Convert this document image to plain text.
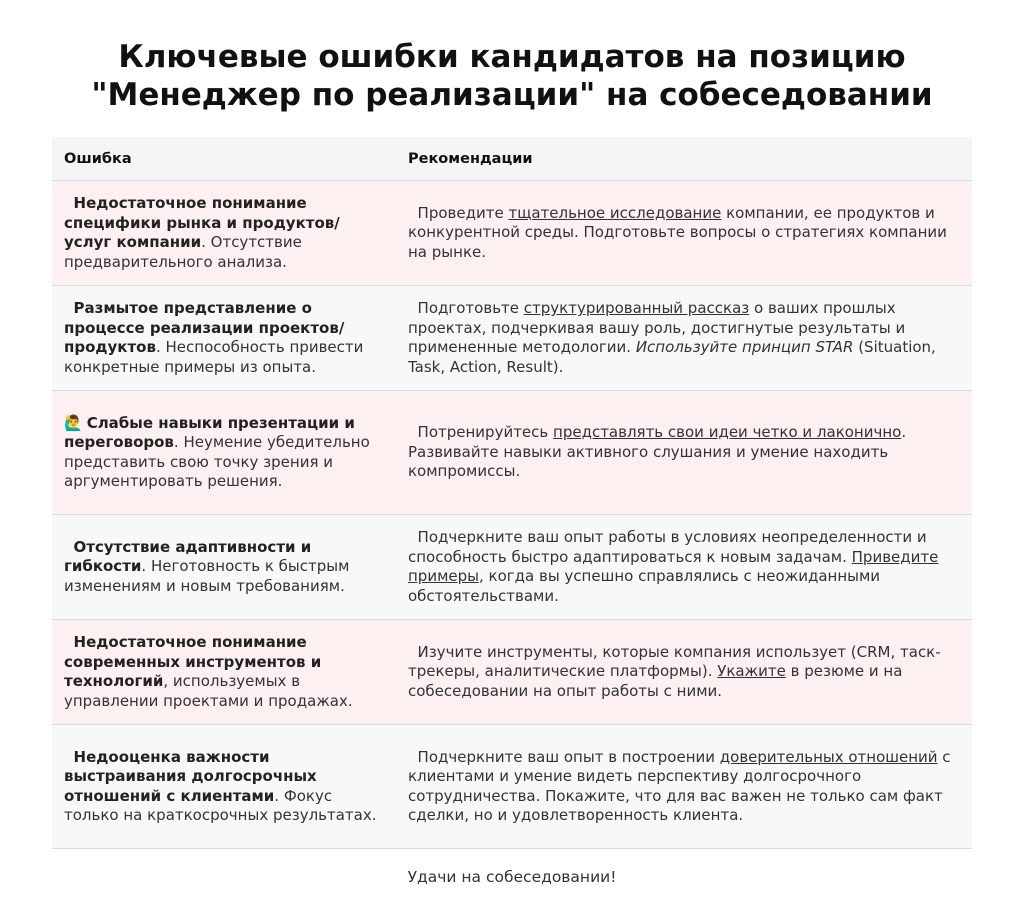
Ключевые ошибки кандидатов на позицию
"Менеджер по реализации" на собеседовании
Ошибка	Рекомендации
Недостаточное понимание специфики рынка и продуктов/ услуг компании. Отсутствие предварительного анализа.
Проведите тщательное исследование компании, ее продуктов и конкурентной среды. Подготовьте вопросы о стратегиях компании на рынке.
Размытое представление о процессе реализации проектов/ продуктов. Неспособность привести конкретные примеры из опыта.
Подготовьте структурированный рассказ о ваших прошлых проектах, подчеркивая вашу роль, достигнутые результаты и примененные методологии. Используйте принцип STAR (Situation, Task, Action, Result).
🙋‍♂️ Слабые навыки презентации и переговоров. Неумение убедительно представить свою точку зрения и аргументировать решения.
Потренируйтесь представлять свои идеи четко и лаконично. Развивайте навыки активного слушания и умение находить компромиссы.
Отсутствие адаптивности и гибкости. Неготовность к быстрым изменениям и новым требованиям.
Подчеркните ваш опыт работы в условиях неопределенности и способность быстро адаптироваться к новым задачам. Приведите примеры, когда вы успешно справлялись с неожиданными обстоятельствами.
Недостаточное понимание современных инструментов и технологий, используемых в управлении проектами и продажах.
Изучите инструменты, которые компания использует (CRM, таск-трекеры, аналитические платформы). Укажите в резюме и на собеседовании на опыт работы с ними.
Недооценка важности выстраивания долгосрочных отношений с клиентами. Фокус только на краткосрочных результатах.
Подчеркните ваш опыт в построении доверительных отношений с клиентами и умение видеть перспективу долгосрочного сотрудничества. Покажите, что для вас важен не только сам факт сделки, но и удовлетворенность клиента.
Удачи на собеседовании!
